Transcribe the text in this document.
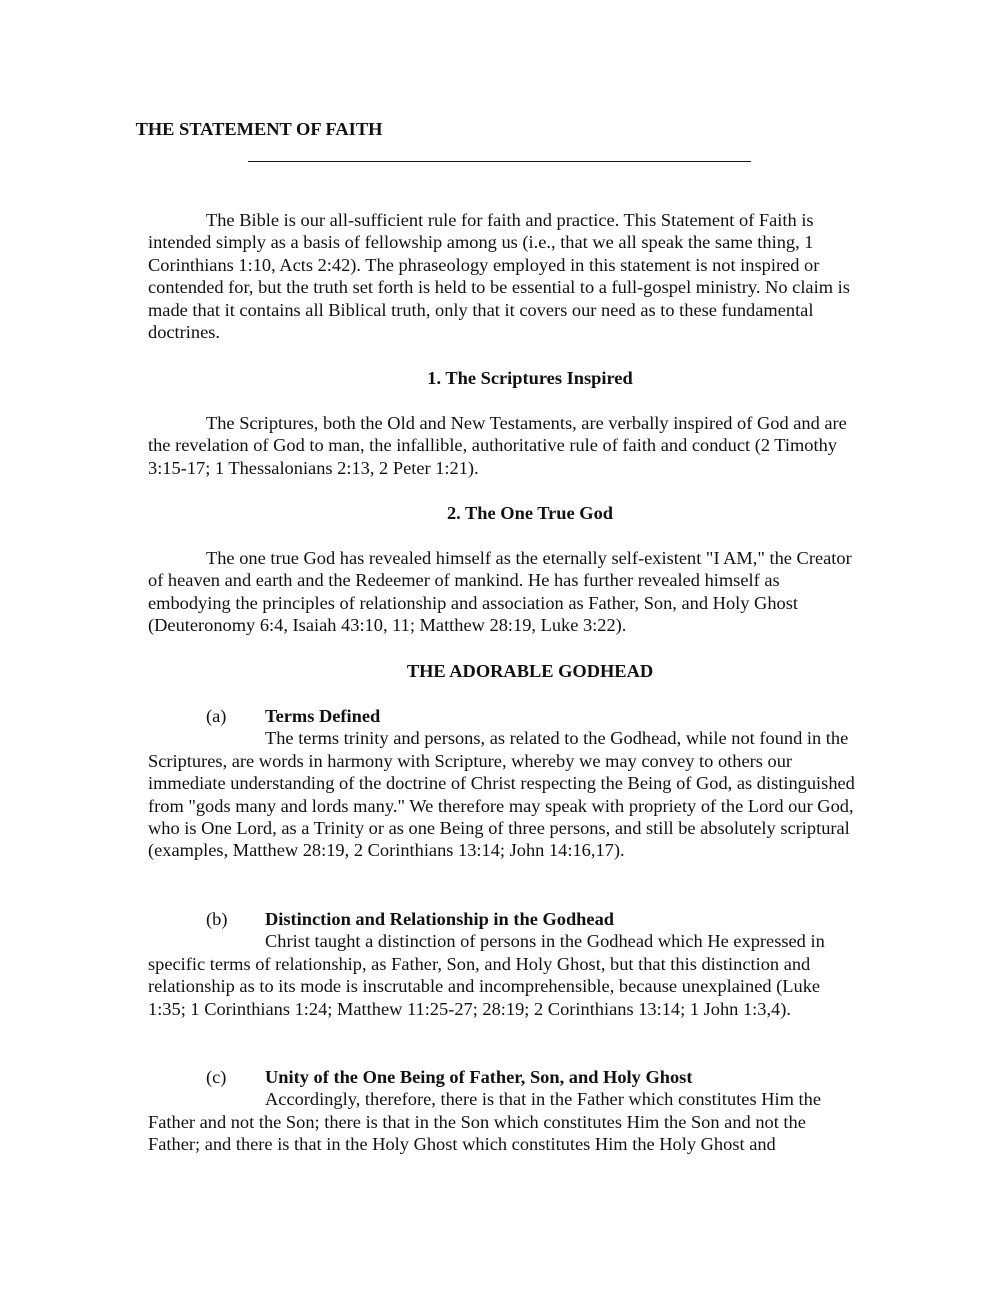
THE STATEMENT OF FAITH

The Bible is our all-sufficient rule for faith and practice. This Statement of Faith is intended simply as a basis of fellowship among us (i.e., that we all speak the same thing, 1 Corinthians 1:10, Acts 2:42). The phraseology employed in this statement is not inspired or contended for, but the truth set forth is held to be essential to a full-gospel ministry. No claim is made that it contains all Biblical truth, only that it covers our need as to these fundamental doctrines.

1. The Scriptures Inspired

The Scriptures, both the Old and New Testaments, are verbally inspired of God and are the revelation of God to man, the infallible, authoritative rule of faith and conduct (2 Timothy 3:15-17; 1 Thessalonians 2:13, 2 Peter 1:21).

2. The One True God

The one true God has revealed himself as the eternally self-existent "I AM," the Creator of heaven and earth and the Redeemer of mankind. He has further revealed himself as embodying the principles of relationship and association as Father, Son, and Holy Ghost (Deuteronomy 6:4, Isaiah 43:10, 11; Matthew 28:19, Luke 3:22).

THE ADORABLE GODHEAD
(a) Terms Defined

The terms trinity and persons, as related to the Godhead, while not found in the Scriptures, are words in harmony with Scripture, whereby we may convey to others our immediate understanding of the doctrine of Christ respecting the Being of God, as distinguished from "gods many and lords many." We therefore may speak with propriety of the Lord our God, who is One Lord, as a Trinity or as one Being of three persons, and still be absolutely scriptural (examples, Matthew 28:19, 2 Corinthians 13:14; John 14:16,17).

(b) Distinction and Relationship in the Godhead

Christ taught a distinction of persons in the Godhead which He expressed in specific terms of relationship, as Father, Son, and Holy Ghost, but that this distinction and relationship as to its mode is inscrutable and incomprehensible, because unexplained (Luke 1:35; 1 Corinthians 1:24; Matthew 11:25-27; 28:19; 2 Corinthians 13:14; 1 John 1:3,4).

(c) Unity of the One Being of Father, Son, and Holy Ghost

Accordingly, therefore, there is that in the Father which constitutes Him the Father and not the Son; there is that in the Son which constitutes Him the Son and not the Father; and there is that in the Holy Ghost which constitutes Him the Holy Ghost and
